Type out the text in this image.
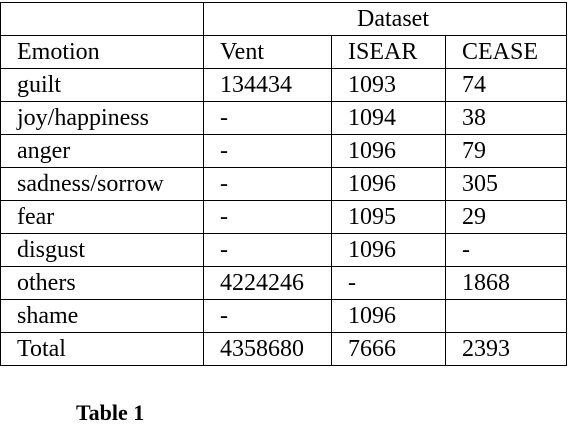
	Dataset		
Emotion	Vent	ISEAR	CEASE
guilt	134434	1093	74
joy/happiness	-	1094	38
anger	-	1096	79
sadness/sorrow	-	1096	305
fear	-	1095	29
disgust	-	1096	-
others	4224246	-	1868
shame	-	1096	
Total	4358680	7666	2393
Table 1
